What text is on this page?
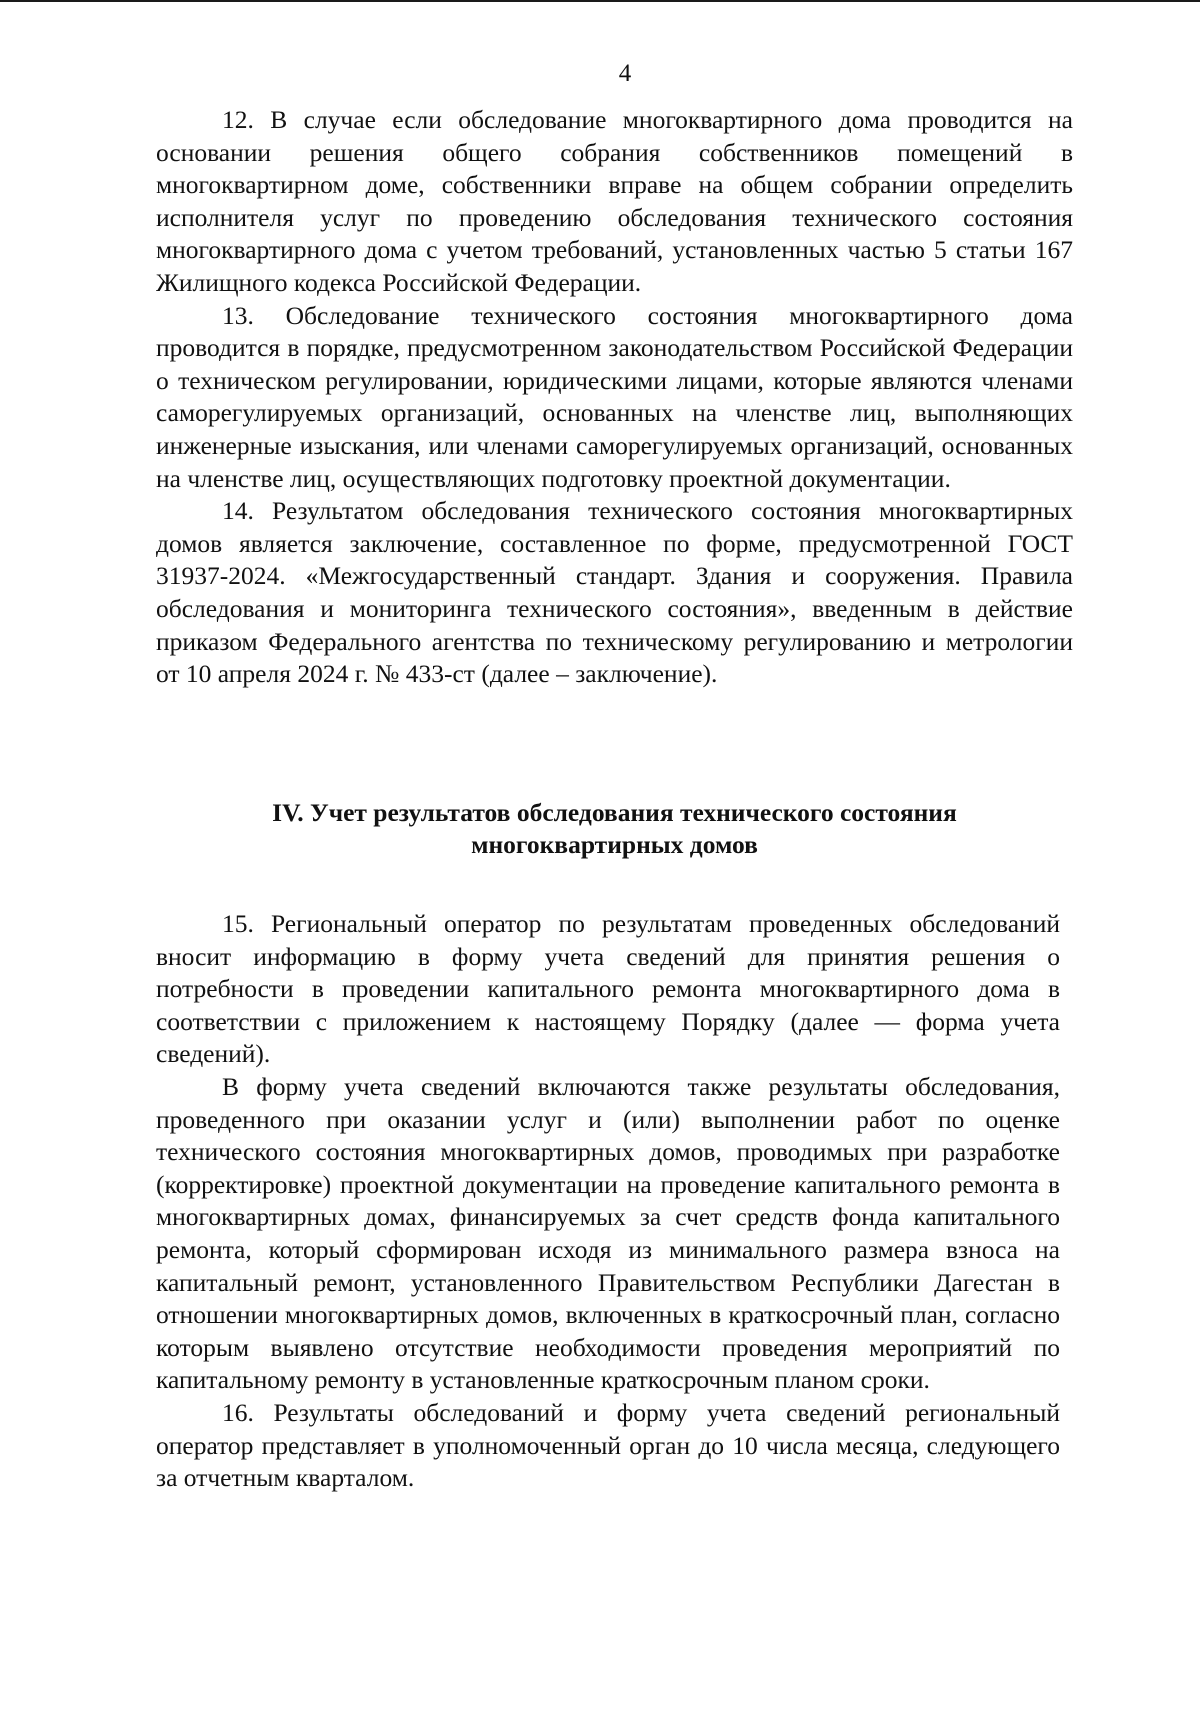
4

12. В случае если обследование многоквартирного дома проводится на основании решения общего собрания собственников помещений в многоквартирном доме, собственники вправе на общем собрании определить исполнителя услуг по проведению обследования технического состояния многоквартирного дома с учетом требований, установленных частью 5 статьи 167 Жилищного кодекса Российской Федерации.

13. Обследование технического состояния многоквартирного дома проводится в порядке, предусмотренном законодательством Российской Федерации о техническом регулировании, юридическими лицами, которые являются членами саморегулируемых организаций, основанных на членстве лиц, выполняющих инженерные изыскания, или членами саморегулируемых организаций, основанных на членстве лиц, осуществляющих подготовку проектной документации.

14. Результатом обследования технического состояния многоквартирных домов является заключение, составленное по форме, предусмотренной ГОСТ 31937-2024. «Межгосударственный стандарт. Здания и сооружения. Правила обследования и мониторинга технического состояния», введенным в действие приказом Федерального агентства по техническому регулированию и метрологии от 10 апреля 2024 г. № 433-ст (далее – заключение).

IV. Учет результатов обследования технического состояния
многоквартирных домов

15. Региональный оператор по результатам проведенных обследований вносит информацию в форму учета сведений для принятия решения о потребности в проведении капитального ремонта многоквартирного дома в соответствии с приложением к настоящему Порядку (далее — форма учета сведений).

В форму учета сведений включаются также результаты обследования, проведенного при оказании услуг и (или) выполнении работ по оценке технического состояния многоквартирных домов, проводимых при разработке (корректировке) проектной документации на проведение капитального ремонта в многоквартирных домах, финансируемых за счет средств фонда капитального ремонта, который сформирован исходя из минимального размера взноса на капитальный ремонт, установленного Правительством Республики Дагестан в отношении многоквартирных домов, включенных в краткосрочный план, согласно которым выявлено отсутствие необходимости проведения мероприятий по капитальному ремонту в установленные краткосрочным планом сроки.

16. Результаты обследований и форму учета сведений региональный оператор представляет в уполномоченный орган до 10 числа месяца, следующего за отчетным кварталом.
